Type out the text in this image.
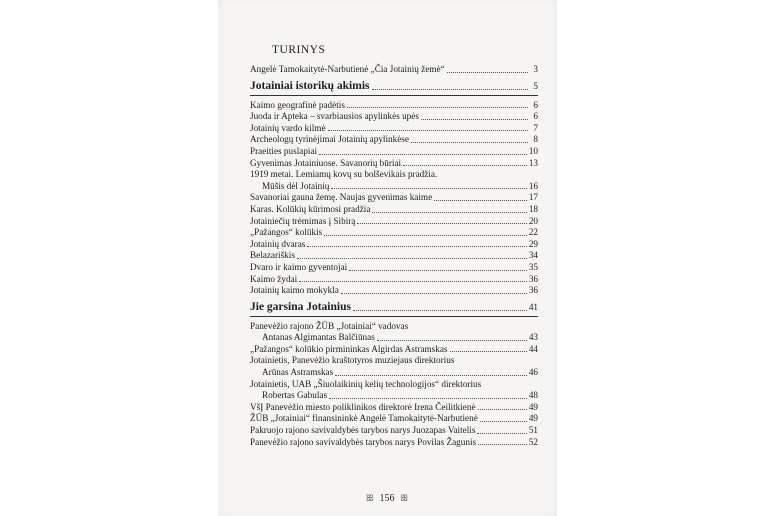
TURINYS
Angelė Tamokaitytė-Narbutienė „Čia Jotainių žemė“	3
Jotainiai istorikų akimis	5
Kaimo geografinė padėtis	6
Juoda ir Apteka – svarbiausios apylinkės upės	6
Jotainių vardo kilmė	7
Archeologų tyrinėjimai Jotainių apylinkėse	8
Praeities puslapiai	10
Gyvenimas Jotainiuose. Savanorių būriai	13
1919 metai. Lemiamų kovų su bolševikais pradžia.
Mūšis dėl Jotainių	16
Savanoriai gauna žemę. Naujas gyvenimas kaime	17
Karas. Kolūkių kūrimosi pradžia	18
Jotainiečių trėmimas į Sibirą	20
„Pažangos“ kolūkis	22
Jotainių dvaras	29
Belazariškis	34
Dvaro ir kaimo gyventojai	35
Kaimo žydai	36
Jotainių kaimo mokykla	36
Jie garsina Jotainius	41
Panevėžio rajono ŽŪB „Jotainiai“ vadovas
Antanas Algimantas Balčiūnas	43
„Pažangos“ kolūkio pirmininkas Algirdas Astramskas	44
Jotainietis, Panevėžio kraštotyros muziejaus direktorius
Arūnas Astramskas	46
Jotainietis, UAB „Šiuolaikinių kelių technologijos“ direktorius
Robertas Gabulas	48
VšĮ Panevėžio miesto poliklinikos direktorė Irena Čeilitkienė	49
ŽŪB „Jotainiai“ finansininkė Angelė Tamokaitytė-Narbutienė	49
Pakruojo rajono savivaldybės tarybos narys Juozapas Vaitelis	51
Panevėžio rajono savivaldybės tarybos narys Povilas Žagunis	52
ꕥ 156 ꕥ
